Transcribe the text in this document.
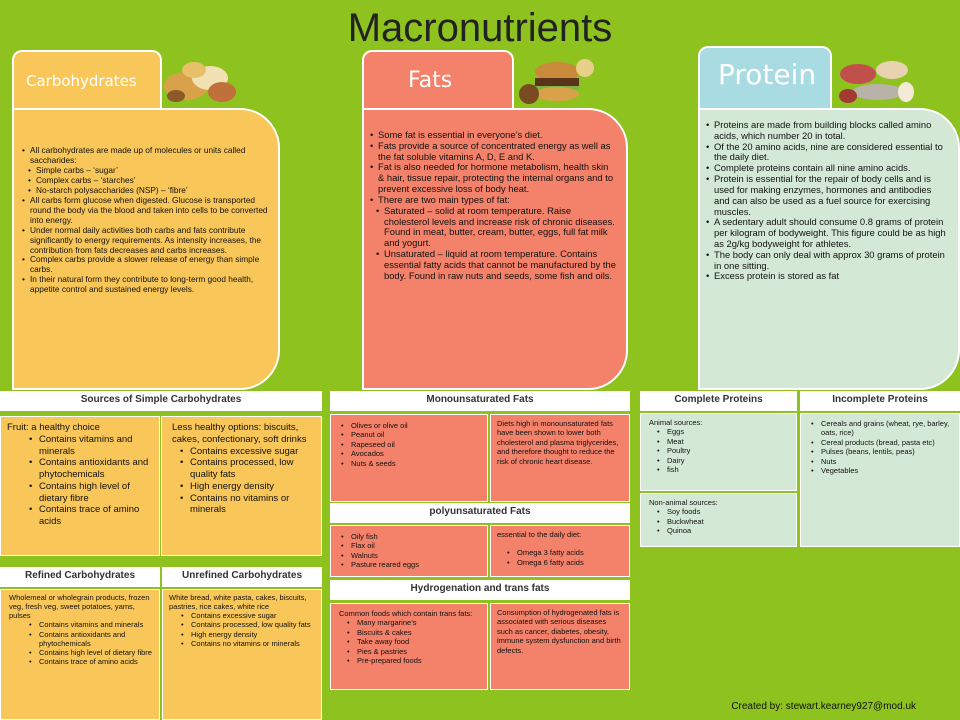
Macronutrients
Carbohydrates
• All carbohydrates are made up of molecules or units called saccharides:
• Simple carbs – ‘sugar’
• Complex carbs – ‘starches’
• No-starch polysaccharides (NSP) – ‘fibre’
• All carbs form glucose when digested. Glucose is transported round the body via the blood and taken into cells to be converted into energy.
• Under normal daily activities both carbs and fats contribute significantly to energy requirements. As intensity increases, the contribution from fats decreases and carbs increases.
• Complex carbs provide a slower release of energy than simple carbs.
• In their natural form they contribute to long-term good health, appetite control and sustained energy levels.
Fats
• Some fat is essential in everyone’s diet.
• Fats provide a source of concentrated energy as well as the fat soluble vitamins A, D, E and K.
• Fat is also needed for hormone metabolism, health skin & hair, tissue repair, protecting the internal organs and to prevent excessive loss of body heat.
• There are two main types of fat:
• Saturated – solid at room temperature. Raise cholesterol levels and increase risk of chronic diseases. Found in meat, butter, cream, butter, eggs, full fat milk and yogurt.
• Unsaturated – liquid at room temperature. Contains essential fatty acids that cannot be manufactured by the body. Found in raw nuts and seeds, some fish and oils.
Protein
• Proteins are made from building blocks called amino acids, which number 20 in total.
• Of the 20 amino acids, nine are considered essential to the daily diet.
• Complete proteins contain all nine amino acids.
• Protein is essential for the repair of body cells and is used for making enzymes, hormones and antibodies and can also be used as a fuel source for exercising muscles.
• A sedentary adult should consume 0.8 grams of protein per kilogram of bodyweight. This figure could be as high as 2g/kg bodyweight for athletes.
• The body can only deal with approx 30 grams of protein in one sitting.
• Excess protein is stored as fat
Sources of Simple Carbohydrates
Fruit: a healthy choice
• Contains vitamins and minerals
• Contains antioxidants and phytochemicals
• Contains high level of dietary fibre
• Contains trace of amino acids
Less healthy options: biscuits, cakes, confectionary, soft drinks
• Contains excessive sugar
• Contains processed, low quality fats
• High energy density
• Contains no vitamins or minerals
Refined Carbohydrates	Unrefined Carbohydrates
Wholemeal or wholegrain products, frozen veg, fresh veg, sweet potatoes, yams, pulses
• Contains vitamins and minerals
• Contains antioxidants and phytochemicals
• Contains high level of dietary fibre
• Contains trace of amino acids
White bread, white pasta, cakes, biscuits, pastries, rice cakes, white rice
• Contains excessive sugar
• Contains processed, low quality fats
• High energy density
• Contains no vitamins or minerals
Monounsaturated Fats
• Olives or olive oil
• Peanut oil
• Rapeseed oil
• Avocados
• Nuts & seeds
Diets high in monounsaturated fats have been shown to lower both cholesterol and plasma triglycerides, and therefore thought to reduce the risk of chronic heart disease.
polyunsaturated Fats
• Oily fish
• Flax oil
• Walnuts
• Pasture reared eggs
essential to the daily diet:
• Omega 3 fatty acids
• Omega 6 fatty acids
Hydrogenation and trans fats
Common foods which contain trans fats:
• Many margarine’s
• Biscuits & cakes
• Take away food
• Pies & pastries
• Pre-prepared foods
Consumption of hydrogenated fats is associated with serious diseases such as cancer, diabetes, obesity, immune system dysfunction and birth defects.
Complete Proteins
Animal sources:
• Eggs
• Meat
• Poultry
• Dairy
• fish
Non-animal sources:
• Soy foods
• Buckwheat
• Quinoa
Incomplete Proteins
• Cereals and grains (wheat, rye, barley, oats, rice)
• Cereal products (bread, pasta etc)
• Pulses (beans, lentils, peas)
• Nuts
• Vegetables
Created by: stewart.kearney927@mod.uk
